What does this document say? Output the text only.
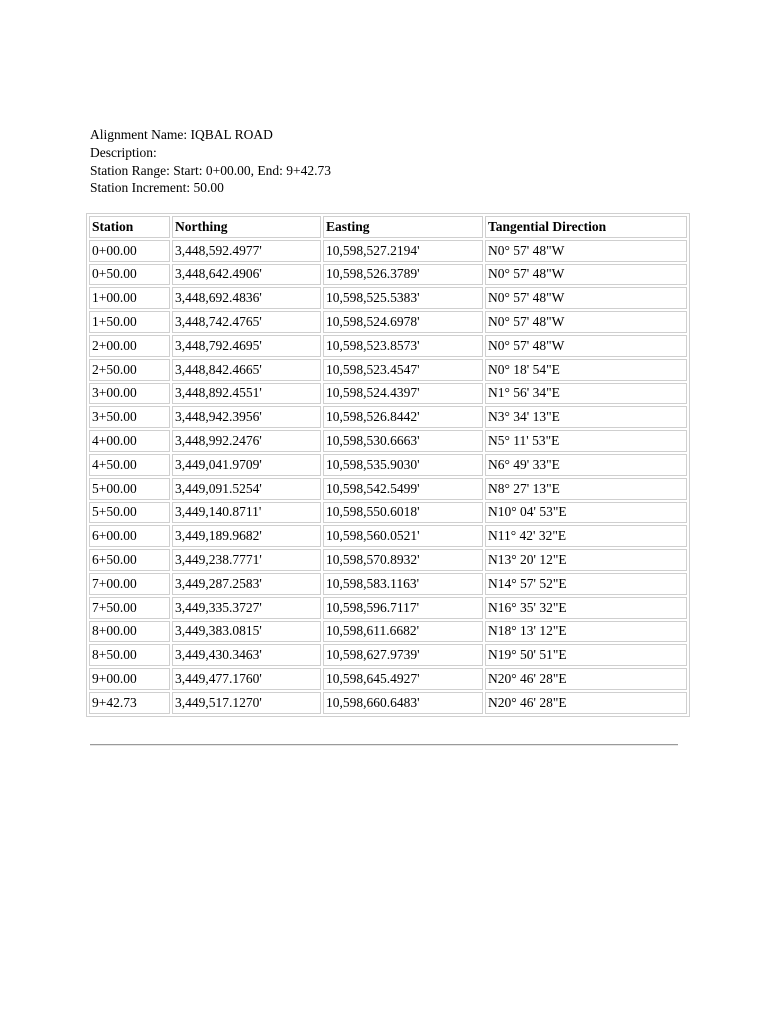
Alignment Name: IQBAL ROAD
Description:
Station Range: Start: 0+00.00, End: 9+42.73
Station Increment: 50.00
Station	Northing	Easting	Tangential Direction
0+00.00	3,448,592.4977'	10,598,527.2194'	N0° 57' 48"W
0+50.00	3,448,642.4906'	10,598,526.3789'	N0° 57' 48"W
1+00.00	3,448,692.4836'	10,598,525.5383'	N0° 57' 48"W
1+50.00	3,448,742.4765'	10,598,524.6978'	N0° 57' 48"W
2+00.00	3,448,792.4695'	10,598,523.8573'	N0° 57' 48"W
2+50.00	3,448,842.4665'	10,598,523.4547'	N0° 18' 54"E
3+00.00	3,448,892.4551'	10,598,524.4397'	N1° 56' 34"E
3+50.00	3,448,942.3956'	10,598,526.8442'	N3° 34' 13"E
4+00.00	3,448,992.2476'	10,598,530.6663'	N5° 11' 53"E
4+50.00	3,449,041.9709'	10,598,535.9030'	N6° 49' 33"E
5+00.00	3,449,091.5254'	10,598,542.5499'	N8° 27' 13"E
5+50.00	3,449,140.8711'	10,598,550.6018'	N10° 04' 53"E
6+00.00	3,449,189.9682'	10,598,560.0521'	N11° 42' 32"E
6+50.00	3,449,238.7771'	10,598,570.8932'	N13° 20' 12"E
7+00.00	3,449,287.2583'	10,598,583.1163'	N14° 57' 52"E
7+50.00	3,449,335.3727'	10,598,596.7117'	N16° 35' 32"E
8+00.00	3,449,383.0815'	10,598,611.6682'	N18° 13' 12"E
8+50.00	3,449,430.3463'	10,598,627.9739'	N19° 50' 51"E
9+00.00	3,449,477.1760'	10,598,645.4927'	N20° 46' 28"E
9+42.73	3,449,517.1270'	10,598,660.6483'	N20° 46' 28"E
